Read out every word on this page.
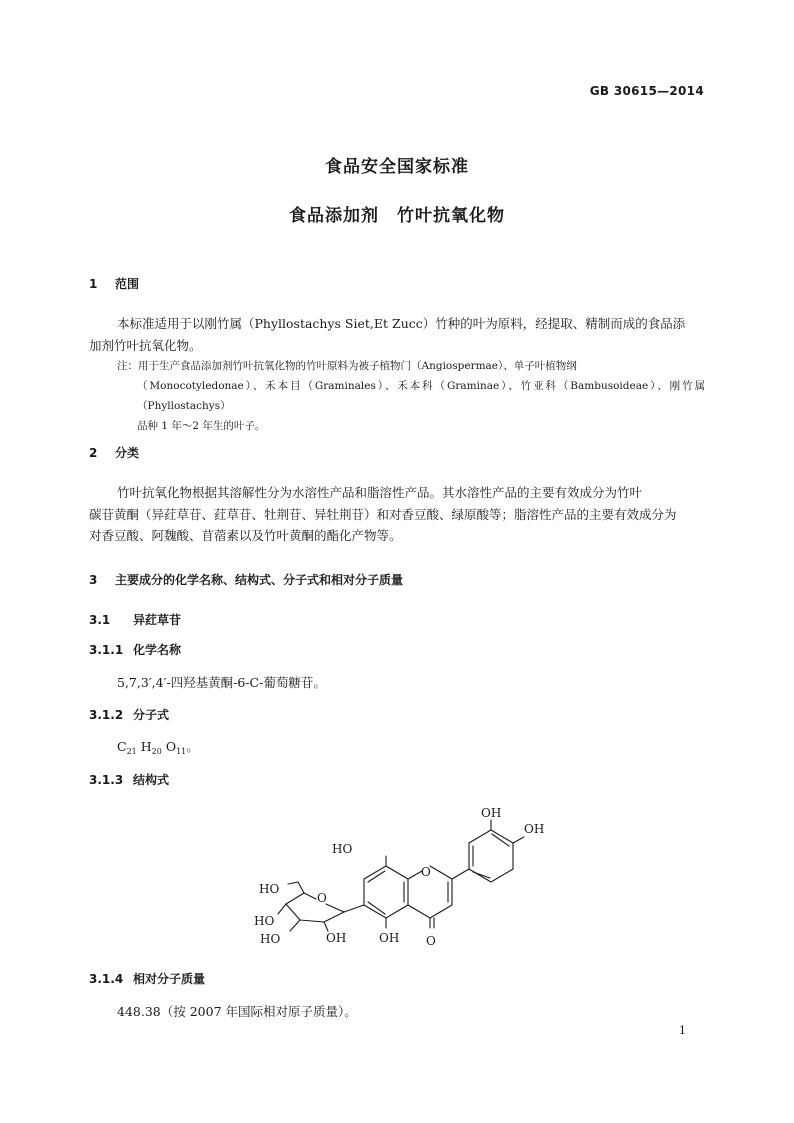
GB 30615—2014
食品安全国家标准
食品添加剂　竹叶抗氧化物
1 范围
本标准适用于以刚竹属（Phyllostachys Siet,Et Zucc）竹种的叶为原料，经提取、精制而成的食品添
加剂竹叶抗氧化物。
注：用于生产食品添加剂竹叶抗氧化物的竹叶原料为被子植物门（Angiospermae）、单子叶植物纲
（Monocotyledonae）、禾本目（Graminales）、禾本科（Graminae）、竹亚科（Bambusoideae）、刚竹属（Phyllostachys）
品种 1 年～2 年生的叶子。
2 分类
竹叶抗氧化物根据其溶解性分为水溶性产品和脂溶性产品。其水溶性产品的主要有效成分为竹叶
碳苷黄酮（异荭草苷、荭草苷、牡荆苷、异牡荆苷）和对香豆酸、绿原酸等；脂溶性产品的主要有效成分为
对香豆酸、阿魏酸、苜蓿素以及竹叶黄酮的酯化产物等。
3 主要成分的化学名称、结构式、分子式和相对分子质量
3.1 异荭草苷
3.1.1 化学名称
5,7,3′,4′-四羟基黄酮-6-C-葡萄糖苷。
3.1.2 分子式
$C_{21}$ $H_{20}$ $O_{11}$。
3.1.3 结构式
OH
OH
HO
O
HO
O
HO
HO	OH	OH O
3.1.4 相对分子质量
448.38（按 2007 年国际相对原子质量）。
1
